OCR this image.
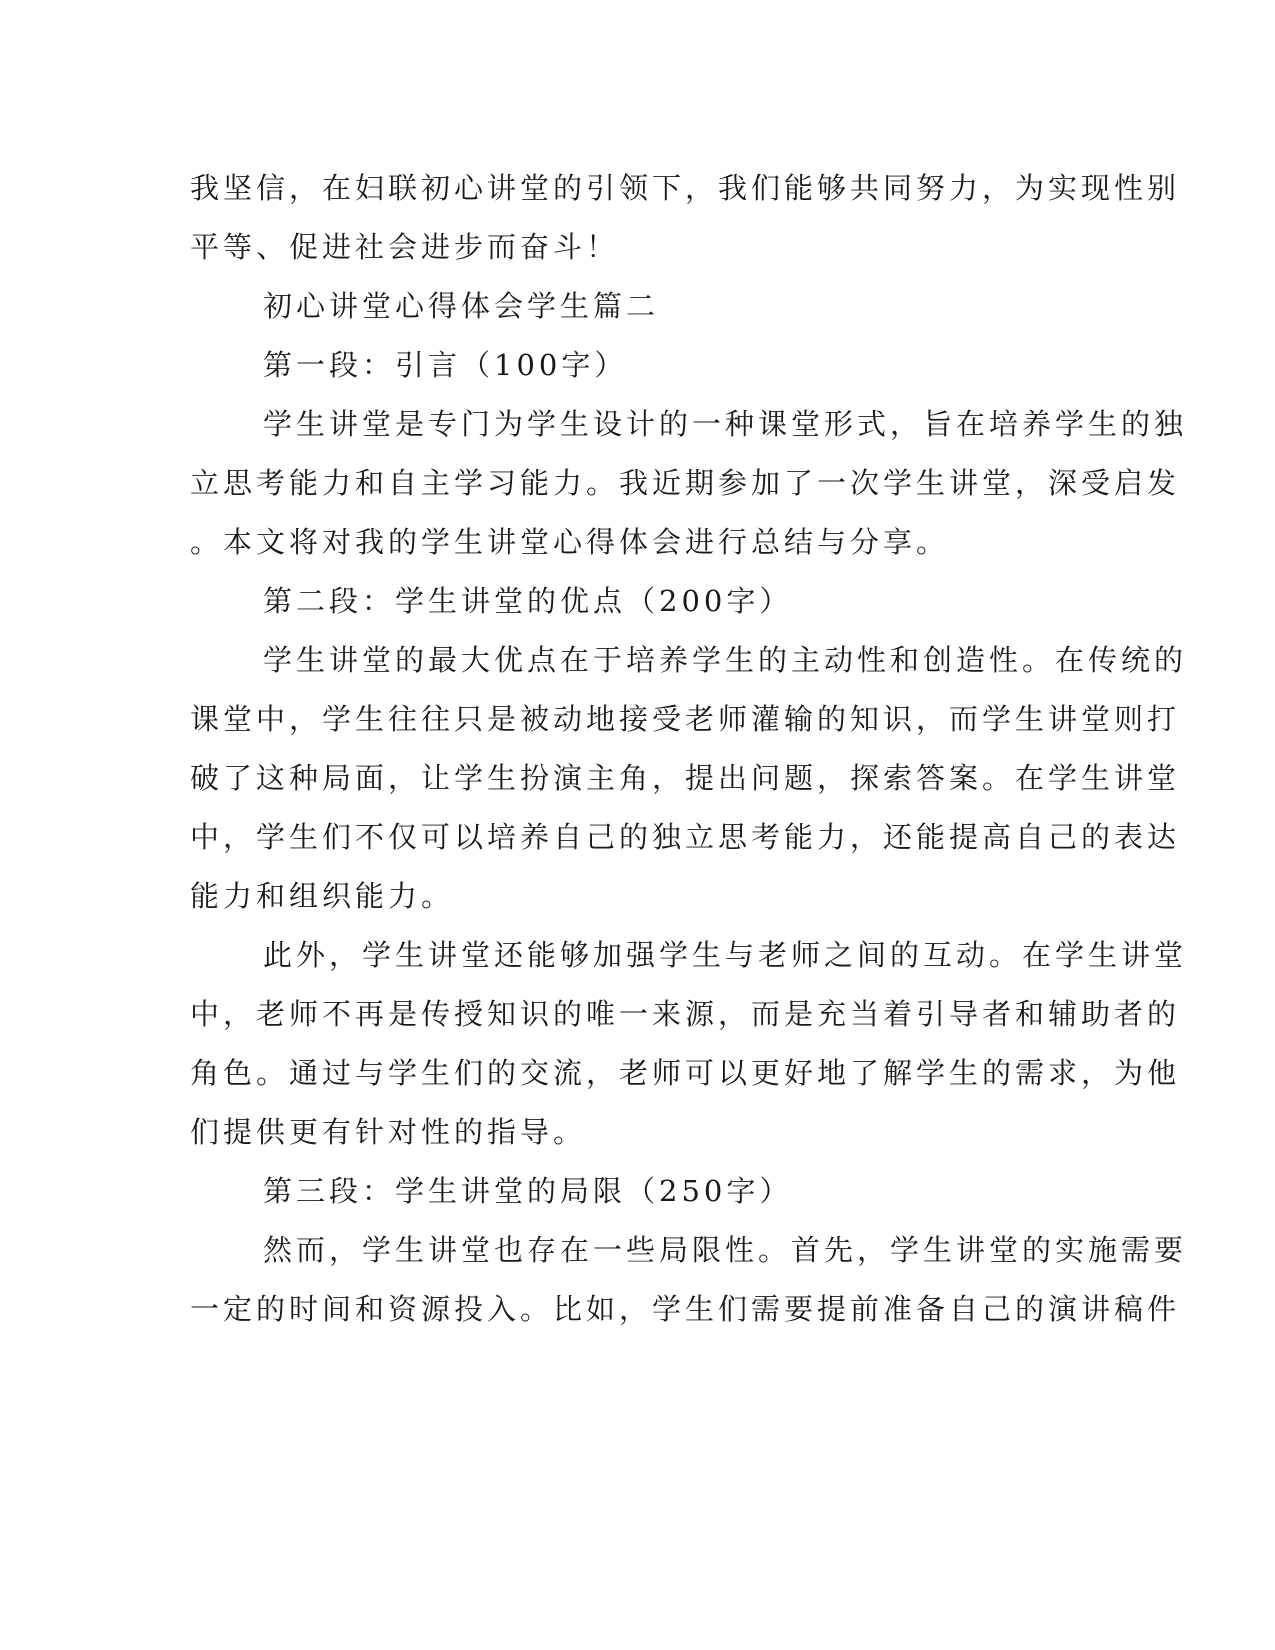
我坚信，在妇联初心讲堂的引领下，我们能够共同努力，为实现性别
平等、促进社会进步而奋斗！
初心讲堂心得体会学生篇二
第一段：引言（100字）
学生讲堂是专门为学生设计的一种课堂形式，旨在培养学生的独
立思考能力和自主学习能力。我近期参加了一次学生讲堂，深受启发
。本文将对我的学生讲堂心得体会进行总结与分享。
第二段：学生讲堂的优点（200字）
学生讲堂的最大优点在于培养学生的主动性和创造性。在传统的
课堂中，学生往往只是被动地接受老师灌输的知识，而学生讲堂则打
破了这种局面，让学生扮演主角，提出问题，探索答案。在学生讲堂
中，学生们不仅可以培养自己的独立思考能力，还能提高自己的表达
能力和组织能力。
此外，学生讲堂还能够加强学生与老师之间的互动。在学生讲堂
中，老师不再是传授知识的唯一来源，而是充当着引导者和辅助者的
角色。通过与学生们的交流，老师可以更好地了解学生的需求，为他
们提供更有针对性的指导。
第三段：学生讲堂的局限（250字）
然而，学生讲堂也存在一些局限性。首先，学生讲堂的实施需要
一定的时间和资源投入。比如，学生们需要提前准备自己的演讲稿件
